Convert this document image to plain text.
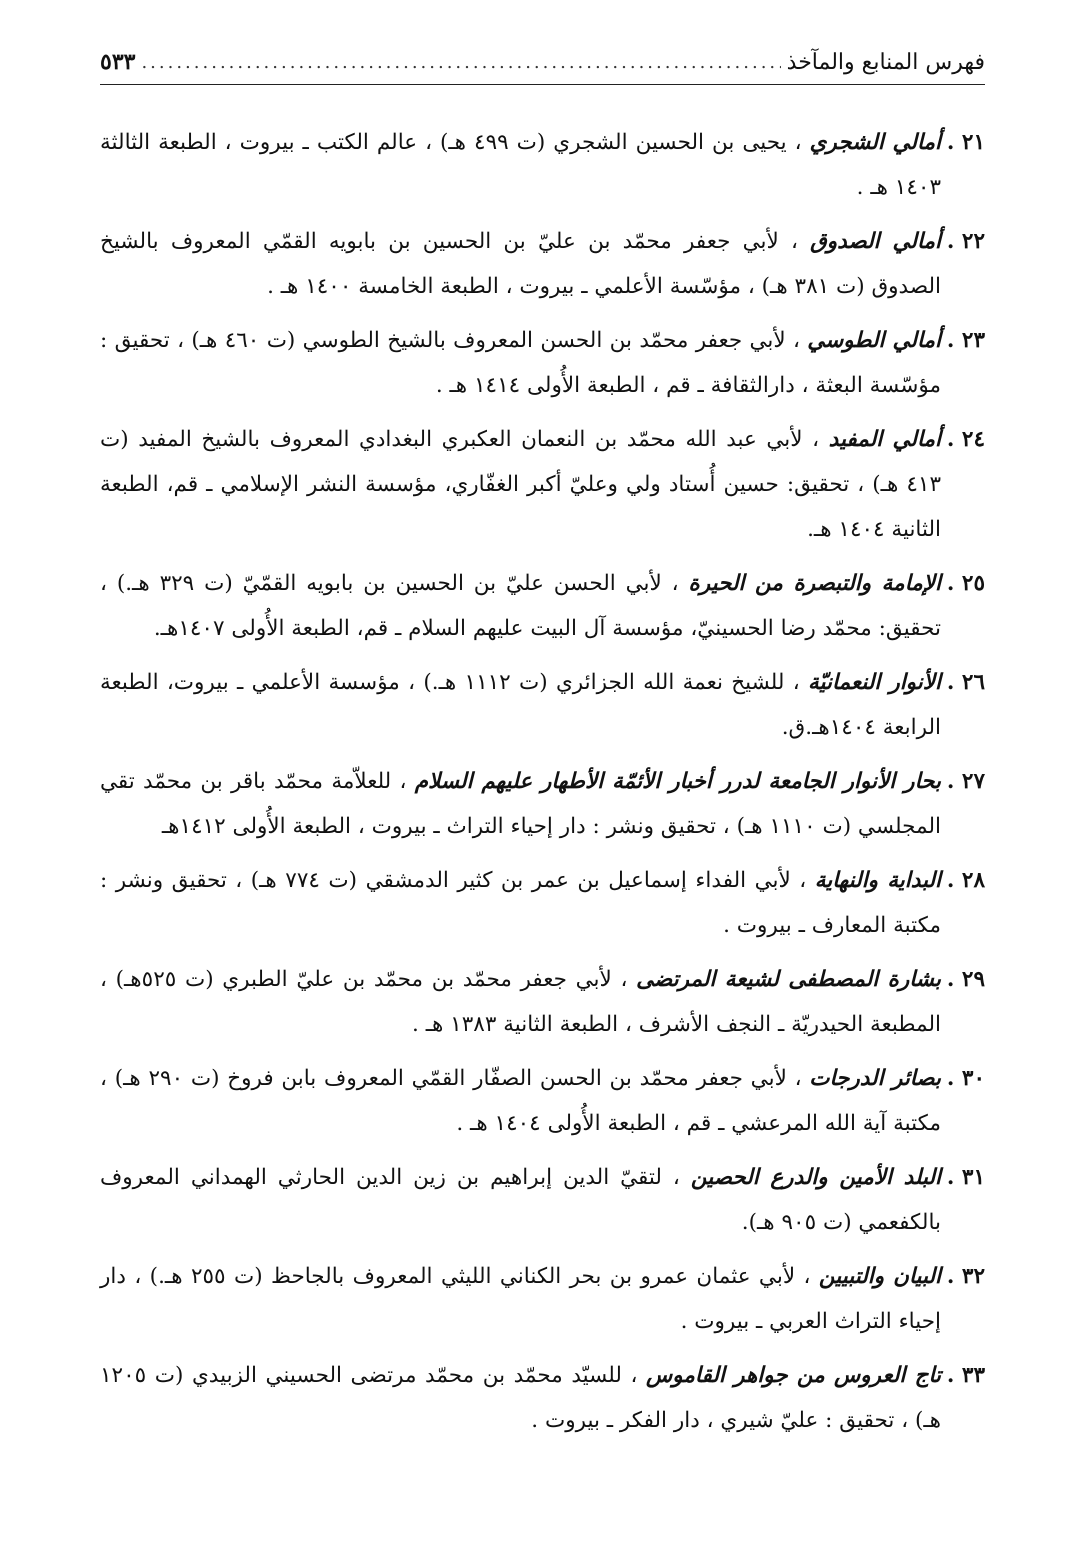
فهرس المنابع والمآخذ
.....
٥٣٣

٢١ .
أمالي الشجري ، يحيى بن الحسين الشجري (ت ٤٩٩ هـ) ، عالم الكتب ـ بيروت ، الطبعة الثالثة ١٤٠٣ هـ .

٢٢ .
أمالي الصدوق ، لأبي جعفر محمّد بن عليّ بن الحسين بن بابويه القمّي المعروف بالشيخ الصدوق (ت ٣٨١ هـ) ، مؤسّسة الأعلمي ـ بيروت ، الطبعة الخامسة ١٤٠٠ هـ .

٢٣ .
أمالي الطوسي ، لأبي جعفر محمّد بن الحسن المعروف بالشيخ الطوسي (ت ٤٦٠ هـ) ، تحقيق : مؤسّسة البعثة ، دارالثقافة ـ قم ، الطبعة الأُولى ١٤١٤ هـ .

٢٤ .
أمالي المفيد ، لأبي عبد الله محمّد بن النعمان العكبري البغدادي المعروف بالشيخ المفيد (ت ٤١٣ هـ) ، تحقيق: حسين أُستاد ولي وعليّ أكبر الغفّاري، مؤسسة النشر الإسلامي ـ قم، الطبعة الثانية ١٤٠٤ هـ.

٢٥ .
الإمامة والتبصرة من الحيرة ، لأبي الحسن عليّ بن الحسين بن بابويه القمّيّ (ت ٣٢٩ هـ.) ، تحقيق: محمّد رضا الحسينيّ، مؤسسة آل البيت عليهم السلام ـ قم، الطبعة الأُولى ١٤٠٧هـ.

٢٦ .
الأنوار النعمانيّة ، للشيخ نعمة الله الجزائري (ت ١١١٢ هـ.) ، مؤسسة الأعلمي ـ بيروت، الطبعة الرابعة ١٤٠٤هـ.ق.

٢٧ .
بحار الأنوار الجامعة لدرر أخبار الأئمّة الأطهار عليهم السلام ، للعلاّمة محمّد باقر بن محمّد تقي المجلسي (ت ١١١٠ هـ) ، تحقيق ونشر : دار إحياء التراث ـ بيروت ، الطبعة الأُولى ١٤١٢هـ

٢٨ .
البداية والنهاية ، لأبي الفداء إسماعيل بن عمر بن كثير الدمشقي (ت ٧٧٤ هـ) ، تحقيق ونشر : مكتبة المعارف ـ بيروت .

٢٩ .
بشارة المصطفى لشيعة المرتضى ، لأبي جعفر محمّد بن محمّد بن عليّ الطبري (ت ٥٢٥هـ) ، المطبعة الحيدريّة ـ النجف الأشرف ، الطبعة الثانية ١٣٨٣ هـ .

٣٠ .
بصائر الدرجات ، لأبي جعفر محمّد بن الحسن الصفّار القمّي المعروف بابن فروخ (ت ٢٩٠ هـ) ، مكتبة آية الله المرعشي ـ قم ، الطبعة الأُولى ١٤٠٤ هـ .

٣١ .
البلد الأمين والدرع الحصين ، لتقيّ الدين إبراهيم بن زين الدين الحارثي الهمداني المعروف بالكفعمي (ت ٩٠٥ هـ).

٣٢ .
البيان والتبيين ، لأبي عثمان عمرو بن بحر الكناني الليثي المعروف بالجاحظ (ت ٢٥٥ هـ.) ، دار إحياء التراث العربي ـ بيروت .

٣٣ .
تاج العروس من جواهر القاموس ، للسيّد محمّد بن محمّد مرتضى الحسيني الزبيدي (ت ١٢٠٥ هـ) ، تحقيق : عليّ شيري ، دار الفكر ـ بيروت .
